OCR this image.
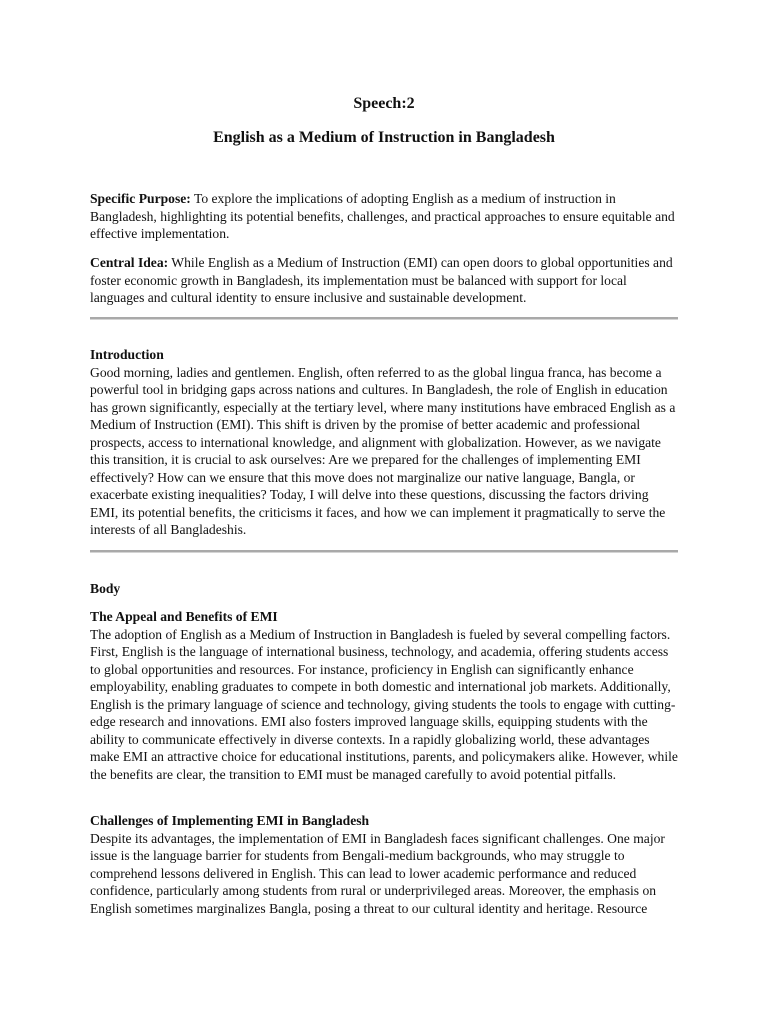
Speech:2
English as a Medium of Instruction in Bangladesh

Specific Purpose: To explore the implications of adopting English as a medium of instruction in Bangladesh, highlighting its potential benefits, challenges, and practical approaches to ensure equitable and effective implementation.

Central Idea: While English as a Medium of Instruction (EMI) can open doors to global opportunities and foster economic growth in Bangladesh, its implementation must be balanced with support for local languages and cultural identity to ensure inclusive and sustainable development.

Introduction
Good morning, ladies and gentlemen. English, often referred to as the global lingua franca, has become a powerful tool in bridging gaps across nations and cultures. In Bangladesh, the role of English in education has grown significantly, especially at the tertiary level, where many institutions have embraced English as a Medium of Instruction (EMI). This shift is driven by the promise of better academic and professional prospects, access to international knowledge, and alignment with globalization. However, as we navigate this transition, it is crucial to ask ourselves: Are we prepared for the challenges of implementing EMI effectively? How can we ensure that this move does not marginalize our native language, Bangla, or exacerbate existing inequalities? Today, I will delve into these questions, discussing the factors driving EMI, its potential benefits, the criticisms it faces, and how we can implement it pragmatically to serve the interests of all Bangladeshis.
Body
The Appeal and Benefits of EMI
The adoption of English as a Medium of Instruction in Bangladesh is fueled by several compelling factors. First, English is the language of international business, technology, and academia, offering students access to global opportunities and resources. For instance, proficiency in English can significantly enhance employability, enabling graduates to compete in both domestic and international job markets. Additionally, English is the primary language of science and technology, giving students the tools to engage with cutting-edge research and innovations. EMI also fosters improved language skills, equipping students with the ability to communicate effectively in diverse contexts. In a rapidly globalizing world, these advantages make EMI an attractive choice for educational institutions, parents, and policymakers alike. However, while the benefits are clear, the transition to EMI must be managed carefully to avoid potential pitfalls.
Challenges of Implementing EMI in Bangladesh
Despite its advantages, the implementation of EMI in Bangladesh faces significant challenges. One major issue is the language barrier for students from Bengali-medium backgrounds, who may struggle to comprehend lessons delivered in English. This can lead to lower academic performance and reduced confidence, particularly among students from rural or underprivileged areas. Moreover, the emphasis on English sometimes marginalizes Bangla, posing a threat to our cultural identity and heritage. Resource
